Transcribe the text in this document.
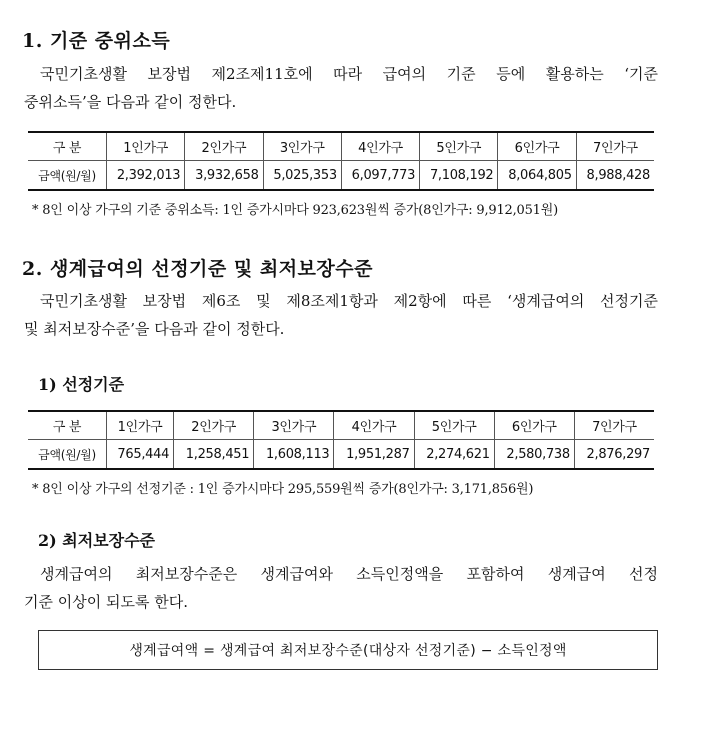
1. 기준 중위소득
국민기초생활 보장법 제2조제11호에 따라 급여의 기준 등에 활용하는 ‘기준
중위소득’을 다음과 같이 정한다.
구 분	1인가구	2인가구	3인가구	4인가구	5인가구	6인가구	7인가구
금액(원/월)	2,392,013	3,932,658	5,025,353	6,097,773	7,108,192	8,064,805	8,988,428
* 8인 이상 가구의 기준 중위소득: 1인 증가시마다 923,623원씩 증가(8인가구: 9,912,051원)
2. 생계급여의 선정기준 및 최저보장수준
국민기초생활 보장법 제6조 및 제8조제1항과 제2항에 따른 ‘생계급여의 선정기준
및 최저보장수준’을 다음과 같이 정한다.
1) 선정기준
구 분	1인가구	2인가구	3인가구	4인가구	5인가구	6인가구	7인가구
금액(원/월)	765,444	1,258,451	1,608,113	1,951,287	2,274,621	2,580,738	2,876,297
* 8인 이상 가구의 선정기준 : 1인 증가시마다 295,559원씩 증가(8인가구: 3,171,856원)
2) 최저보장수준
생계급여의 최저보장수준은 생계급여와 소득인정액을 포함하여 생계급여 선정
기준 이상이 되도록 한다.
생계급여액 = 생계급여 최저보장수준(대상자 선정기준) − 소득인정액
